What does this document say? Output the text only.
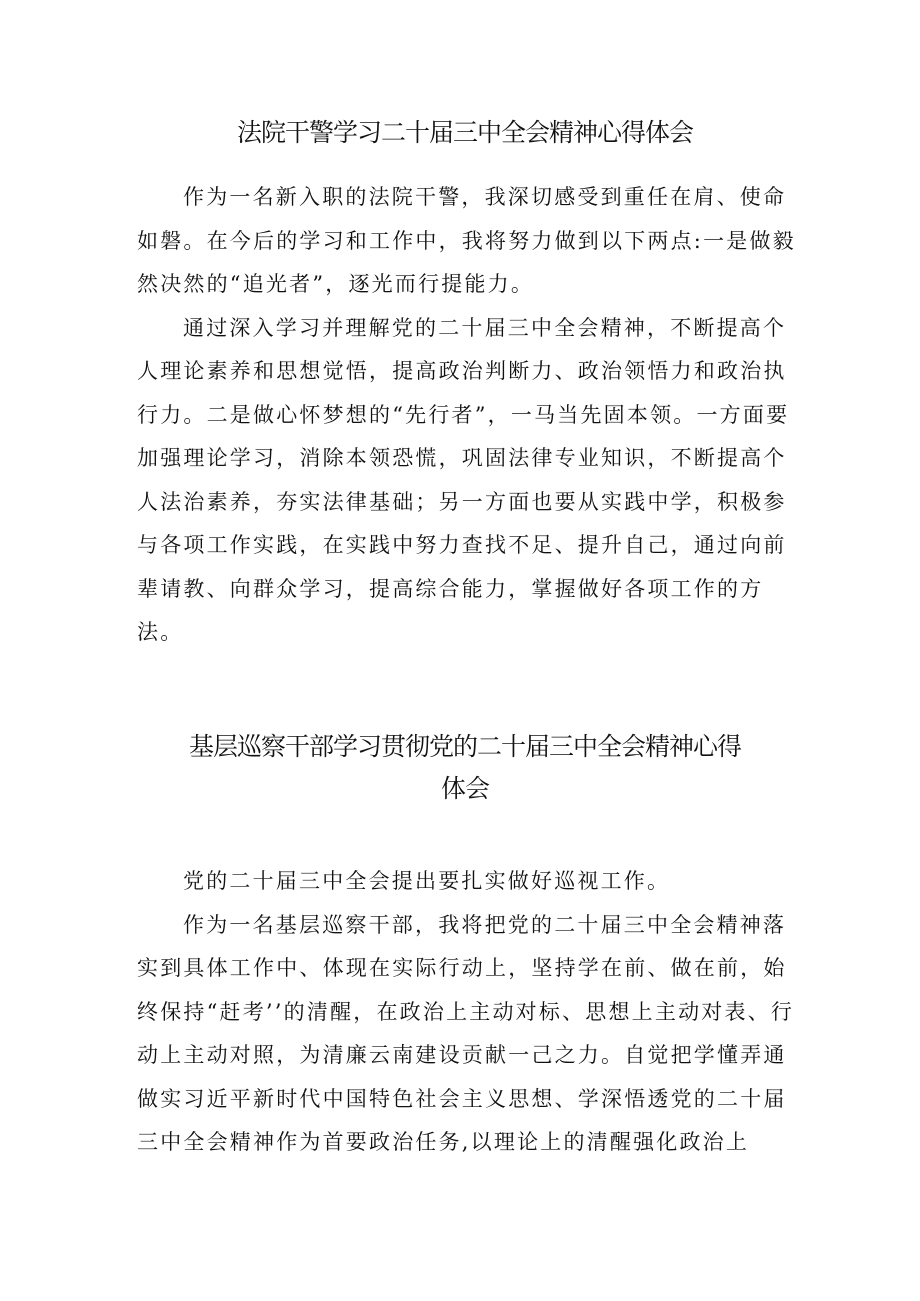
法院干警学习二十届三中全会精神心得体会

作为一名新入职的法院干警，我深切感受到重任在肩、使命如磐。在今后的学习和工作中，我将努力做到以下两点:一是做毅然决然的“追光者”，逐光而行提能力。

通过深入学习并理解党的二十届三中全会精神，不断提高个人理论素养和思想觉悟，提高政治判断力、政治领悟力和政治执行力。二是做心怀梦想的“先行者”，一马当先固本领。一方面要加强理论学习，消除本领恐慌，巩固法律专业知识，不断提高个人法治素养，夯实法律基础；另一方面也要从实践中学，积极参与各项工作实践，在实践中努力查找不足、提升自己，通过向前辈请教、向群众学习，提高综合能力，掌握做好各项工作的方法。

基层巡察干部学习贯彻党的二十届三中全会精神心得
体会

党的二十届三中全会提出要扎实做好巡视工作。

作为一名基层巡察干部，我将把党的二十届三中全会精神落实到具体工作中、体现在实际行动上，坚持学在前、做在前，始终保持“赶考’’的清醒，在政治上主动对标、思想上主动对表、行动上主动对照，为清廉云南建设贡献一己之力。自觉把学懂弄通做实习近平新时代中国特色社会主义思想、学深悟透党的二十届三中全会精神作为首要政治任务,以理论上的清醒强化政治上
